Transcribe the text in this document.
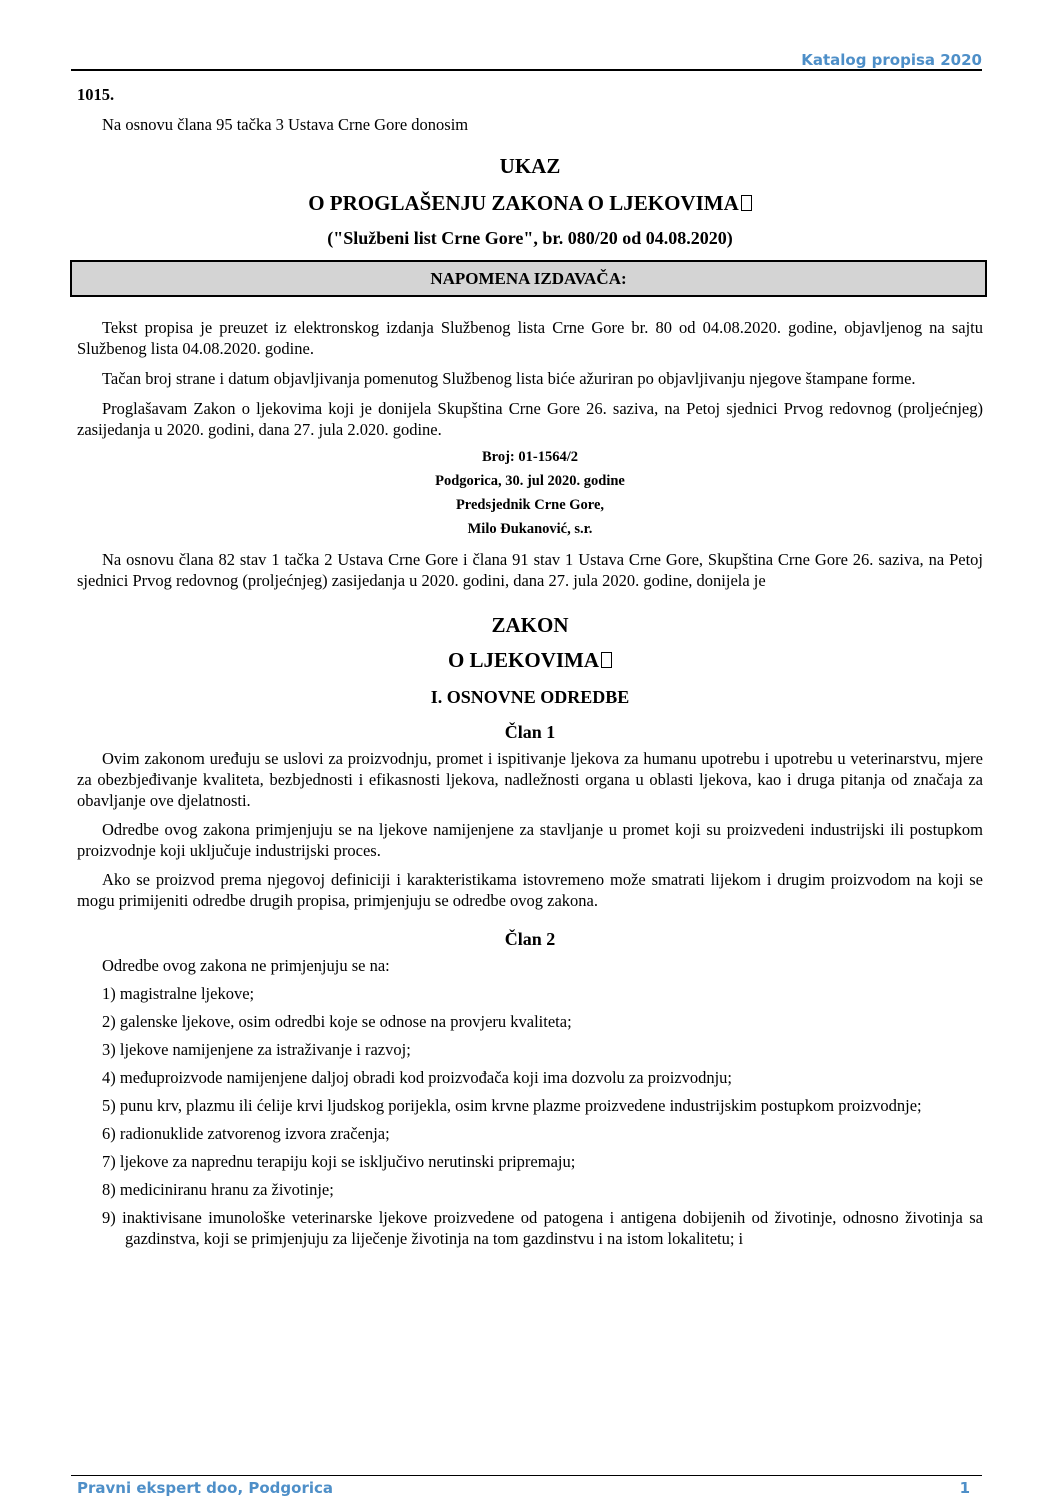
Katalog propisa 2020

1015.

Na osnovu člana 95 tačka 3 Ustava Crne Gore donosim

UKAZ
O PROGLAŠENJU ZAKONA O LJEKOVIMA
("Službeni list Crne Gore", br. 080/20 od 04.08.2020)
NAPOMENA IZDAVAČA:

Tekst propisa je preuzet iz elektronskog izdanja Službenog lista Crne Gore br. 80 od 04.08.2020. godine, objavljenog na sajtu Službenog lista 04.08.2020. godine.

Tačan broj strane i datum objavljivanja pomenutog Službenog lista biće ažuriran po objavljivanju njegove štampane forme.

Proglašavam Zakon o ljekovima koji je donijela Skupština Crne Gore 26. saziva, na Petoj sjednici Prvog redovnog (proljećnjeg) zasijedanja u 2020. godini, dana 27. jula 2.020. godine.

Broj: 01-1564/2
Podgorica, 30. jul 2020. godine
Predsjednik Crne Gore,
Milo Đukanović, s.r.

Na osnovu člana 82 stav 1 tačka 2 Ustava Crne Gore i člana 91 stav 1 Ustava Crne Gore, Skupština Crne Gore 26. saziva, na Petoj sjednici Prvog redovnog (proljećnjeg) zasijedanja u 2020. godini, dana 27. jula 2020. godine, donijela je

ZAKON
O LJEKOVIMA
I. OSNOVNE ODREDBE
Član 1

Ovim zakonom uređuju se uslovi za proizvodnju, promet i ispitivanje ljekova za humanu upotrebu i upotrebu u veterinarstvu, mjere za obezbjeđivanje kvaliteta, bezbjednosti i efikasnosti ljekova, nadležnosti organa u oblasti ljekova, kao i druga pitanja od značaja za obavljanje ove djelatnosti.

Odredbe ovog zakona primjenjuju se na ljekove namijenjene za stavljanje u promet koji su proizvedeni industrijski ili postupkom proizvodnje koji uključuje industrijski proces.

Ako se proizvod prema njegovoj definiciji i karakteristikama istovremeno može smatrati lijekom i drugim proizvodom na koji se mogu primijeniti odredbe drugih propisa, primjenjuju se odredbe ovog zakona.

Član 2

Odredbe ovog zakona ne primjenjuju se na:

1) magistralne ljekove;

2) galenske ljekove, osim odredbi koje se odnose na provjeru kvaliteta;

3) ljekove namijenjene za istraživanje i razvoj;

4) međuproizvode namijenjene daljoj obradi kod proizvođača koji ima dozvolu za proizvodnju;

5) punu krv, plazmu ili ćelije krvi ljudskog porijekla, osim krvne plazme proizvedene industrijskim postupkom proizvodnje;

6) radionuklide zatvorenog izvora zračenja;

7) ljekove za naprednu terapiju koji se isključivo nerutinski pripremaju;

8) mediciniranu hranu za životinje;

9) inaktivisane imunološke veterinarske ljekove proizvedene od patogena i antigena dobijenih od životinje, odnosno životinja sa gazdinstva, koji se primjenjuju za liječenje životinja na tom gazdinstvu i na istom lokalitetu; i

Pravni ekspert doo, Podgorica	1
